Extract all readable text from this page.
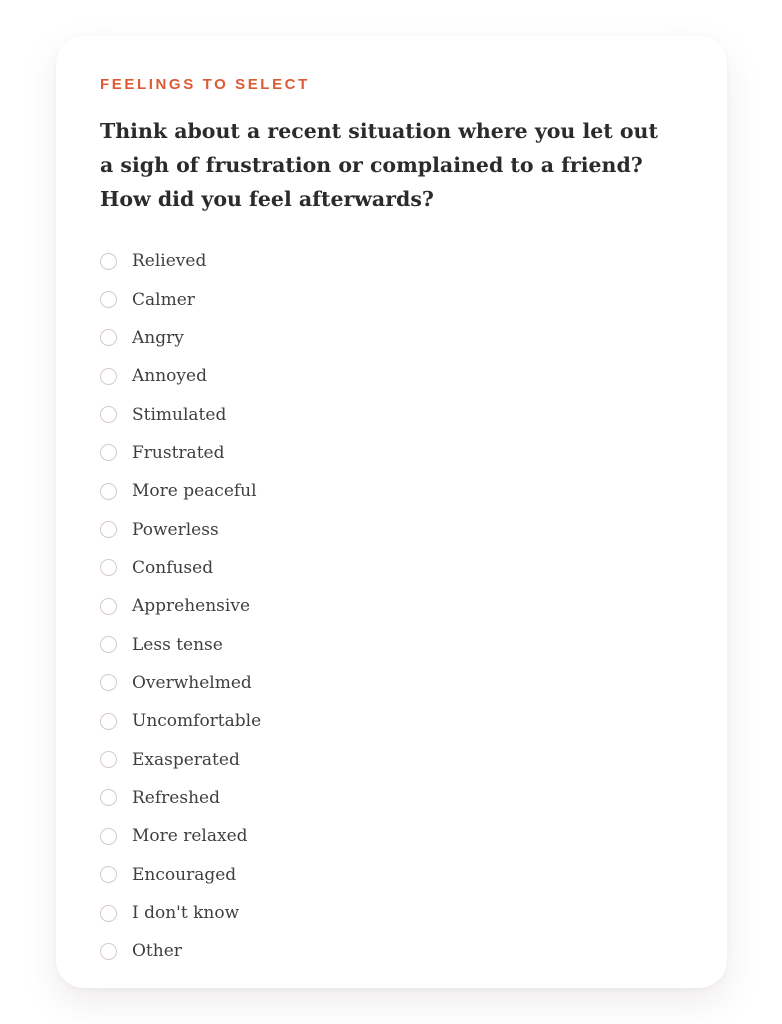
FEELINGS TO SELECT

Think about a recent situation where you let out a sigh of frustration or complained to a friend? How did you feel afterwards?

Relieved
Calmer
Angry
Annoyed
Stimulated
Frustrated
More peaceful
Powerless
Confused
Apprehensive
Less tense
Overwhelmed
Uncomfortable
Exasperated
Refreshed
More relaxed
Encouraged
I don't know
Other
